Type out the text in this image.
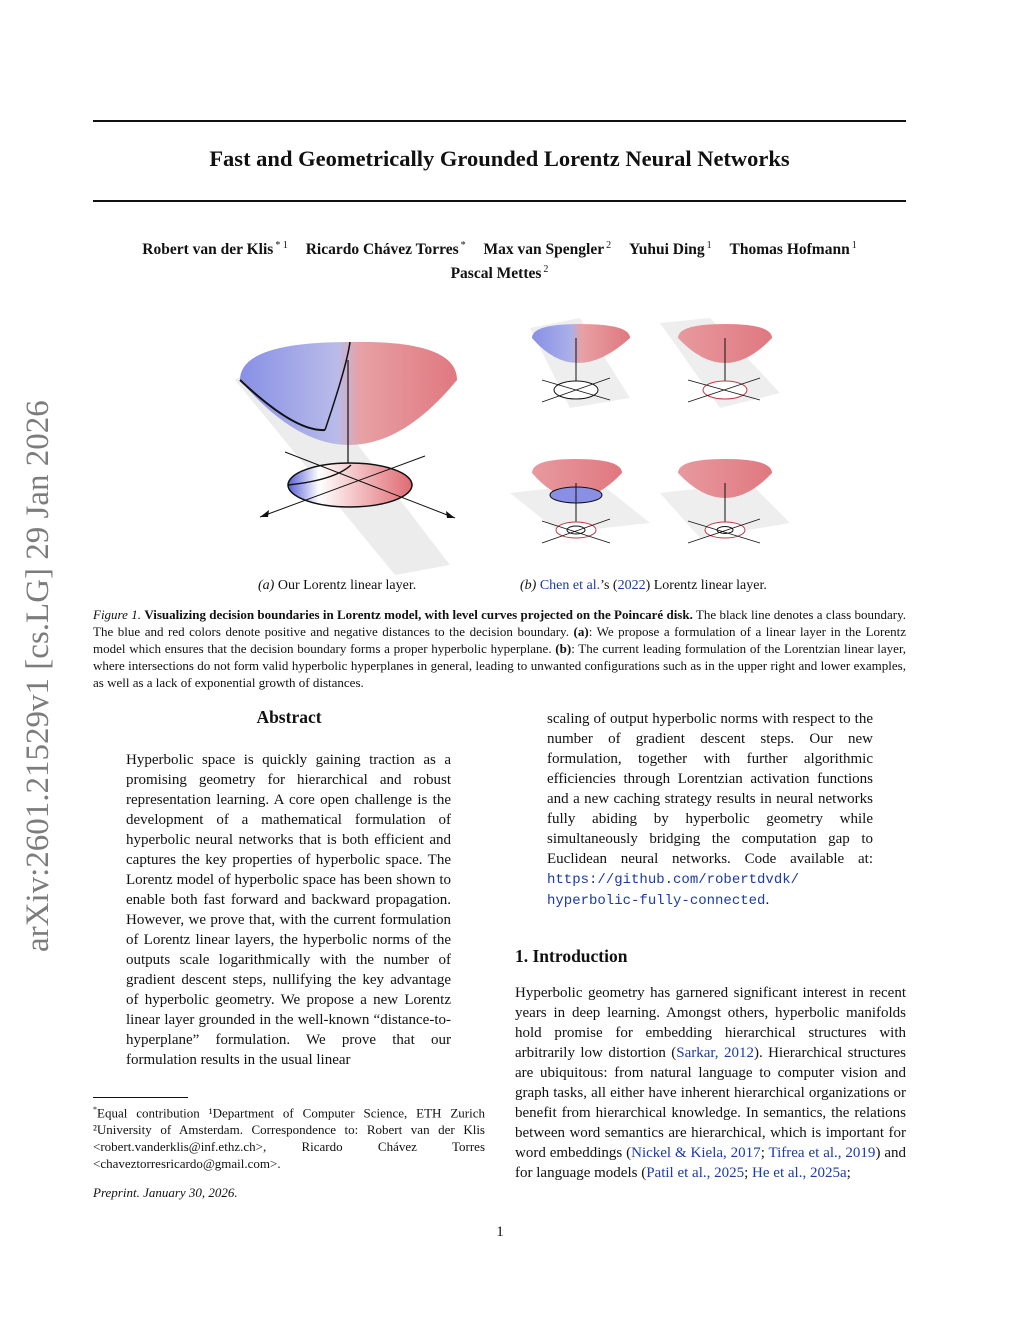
arXiv:2601.21529v1 [cs.LG] 29 Jan 2026
Fast and Geometrically Grounded Lorentz Neural Networks
Robert van der Klis $^{* 1}$ Ricardo Chávez Torres * Max van Spengler $^2$ Yuhui Ding $^1$ Thomas Hofmann $^1$
Pascal Mettes $^2$
(a) Our Lorentz linear layer.	(b) Chen et al.’s (2022) Lorentz linear layer.
Figure 1. Visualizing decision boundaries in Lorentz model, with level curves projected on the Poincaré disk. The black line denotes a class boundary. The blue and red colors denote positive and negative distances to the decision boundary. (a): We propose a formulation of a linear layer in the Lorentz model which ensures that the decision boundary forms a proper hyperbolic hyperplane. (b): The current leading formulation of the Lorentzian linear layer, where intersections do not form valid hyperbolic hyperplanes in general, leading to unwanted configurations such as in the upper right and lower examples, as well as a lack of exponential growth of distances.
Abstract
Hyperbolic space is quickly gaining traction as a promising geometry for hierarchical and robust representation learning. A core open challenge is the development of a mathematical formulation of hyperbolic neural networks that is both efficient and captures the key properties of hyperbolic space. The Lorentz model of hyperbolic space has been shown to enable both fast forward and backward propagation. However, we prove that, with the current formulation of Lorentz linear layers, the hyperbolic norms of the outputs scale logarithmically with the number of gradient descent steps, nullifying the key advantage of hyperbolic geometry. We propose a new Lorentz linear layer grounded in the well-known “distance-to-hyperplane” formulation. We prove that our formulation results in the usual linear
scaling of output hyperbolic norms with respect to the number of gradient descent steps. Our new formulation, together with further algorithmic efficiencies through Lorentzian activation functions and a new caching strategy results in neural networks fully abiding by hyperbolic geometry while simultaneously bridging the computation gap to Euclidean neural networks. Code available at: https://github.com/robertdvdk/
hyperbolic-fully-connected.
1. Introduction
Hyperbolic geometry has garnered significant interest in recent years in deep learning. Amongst others, hyperbolic manifolds hold promise for embedding hierarchical structures with arbitrarily low distortion (Sarkar, 2012). Hierarchical structures are ubiquitous: from natural language to computer vision and graph tasks, all either have inherent hierarchical organizations or benefit from hierarchical knowledge. In semantics, the relations between word semantics are hierarchical, which is important for word embeddings (Nickel & Kiela, 2017; Tifrea et al., 2019) and for language models (Patil et al., 2025; He et al., 2025a;
*Equal contribution ¹Department of Computer Science, ETH Zurich ²University of Amsterdam. Correspondence to: Robert van der Klis <robert.vanderklis@inf.ethz.ch>, Ricardo Chávez Torres <chaveztorresricardo@gmail.com>.
Preprint. January 30, 2026.
1
